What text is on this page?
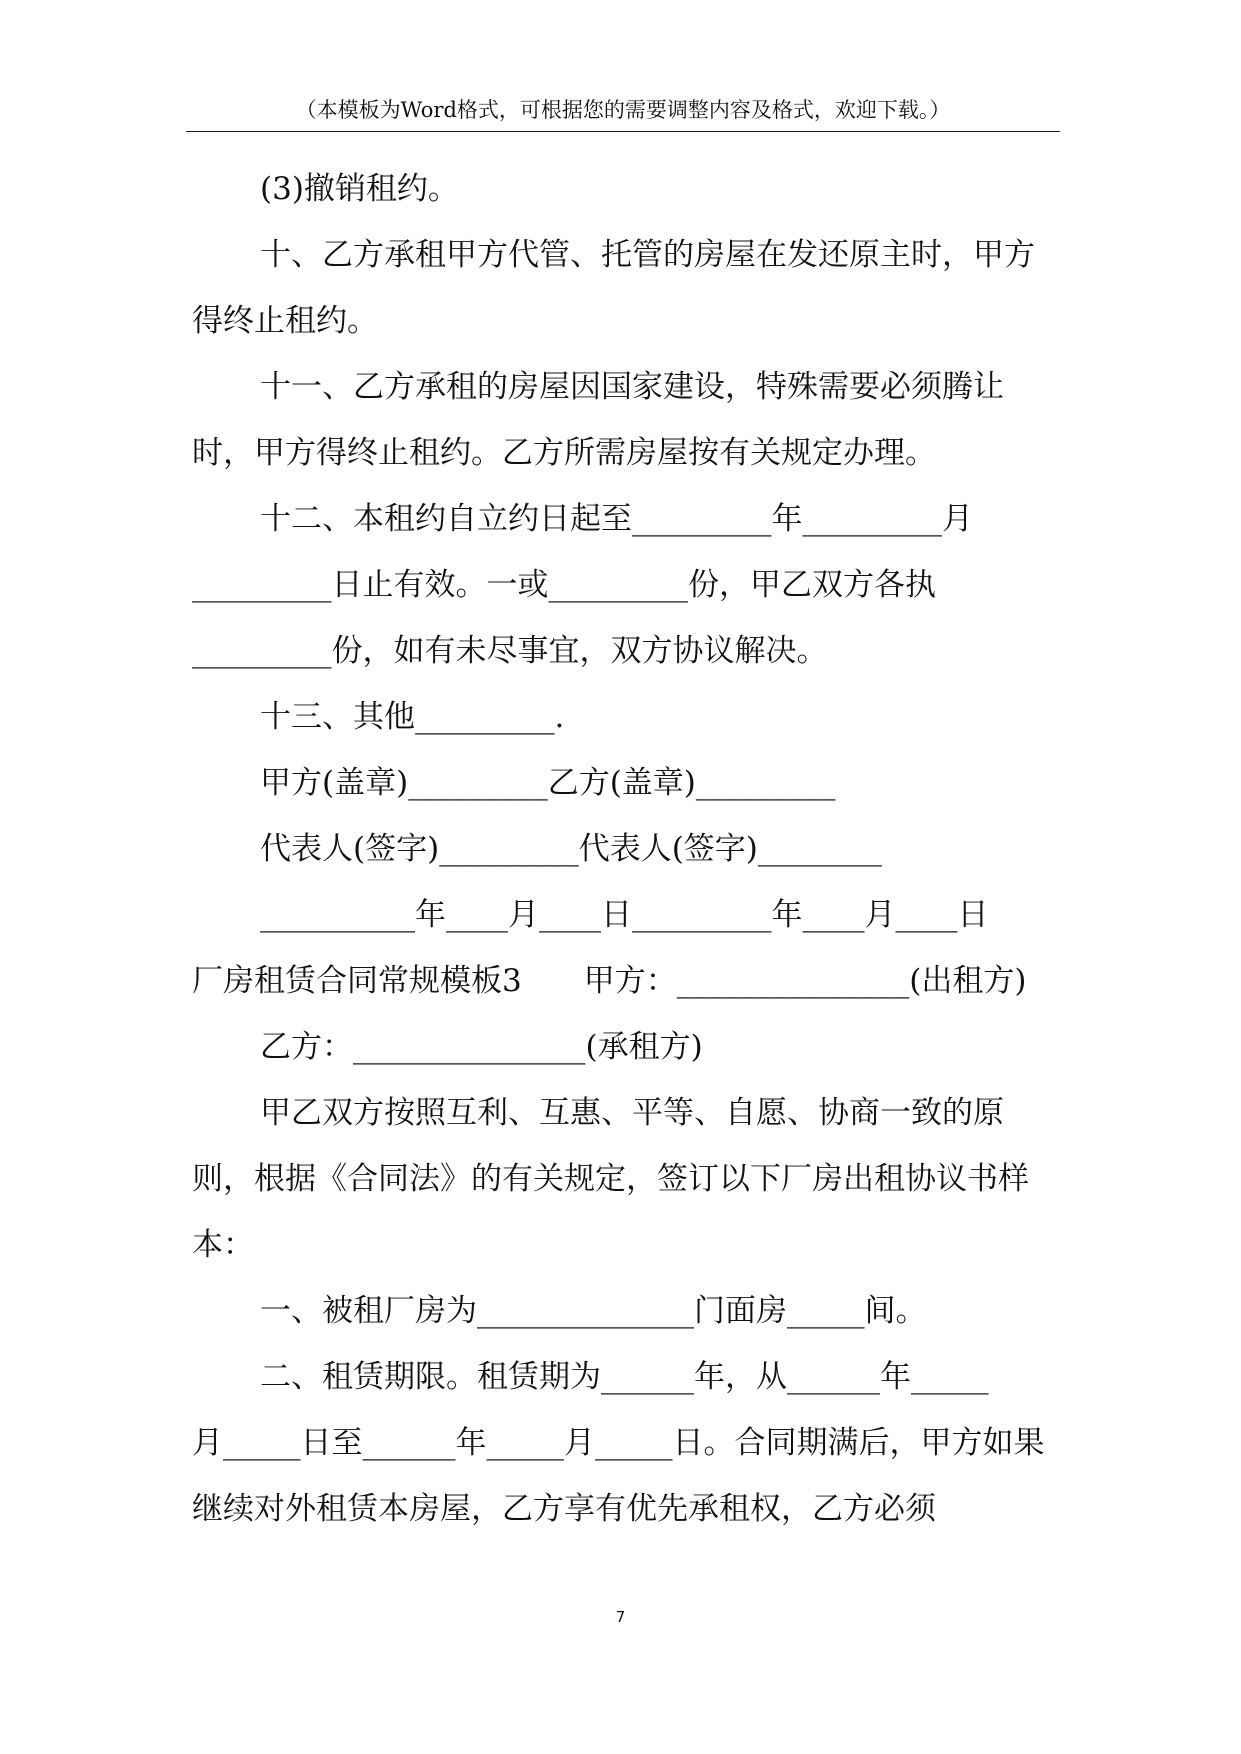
（本模板为Word格式，可根据您的需要调整内容及格式，欢迎下载。）

(3)撤销租约。

十、乙方承租甲方代管、托管的房屋在发还原主时，甲方得终止租约。

十一、乙方承租的房屋因国家建设，特殊需要必须腾让时，甲方得终止租约。乙方所需房屋按有关规定办理。

十二、本租约自立约日起至_________年_________月
_________日止有效。一或_________份，甲乙双方各执
_________份，如有未尽事宜，双方协议解决。

十三、其他_________.

甲方(盖章)_________乙方(盖章)_________

代表人(签字)_________代表人(签字)________

__________年____月____日_________年____月____日

厂房租赁合同常规模板3　　甲方：_______________(出租方)

乙方：_______________(承租方)

甲乙双方按照互利、互惠、平等、自愿、协商一致的原则，根据《合同法》的有关规定，签订以下厂房出租协议书样本：

一、被租厂房为______________门面房_____间。

二、租赁期限。租赁期为______年，从______年_____
月_____日至______年_____月_____日。合同期满后，甲方如果继续对外租赁本房屋，乙方享有优先承租权，乙方必须

7
